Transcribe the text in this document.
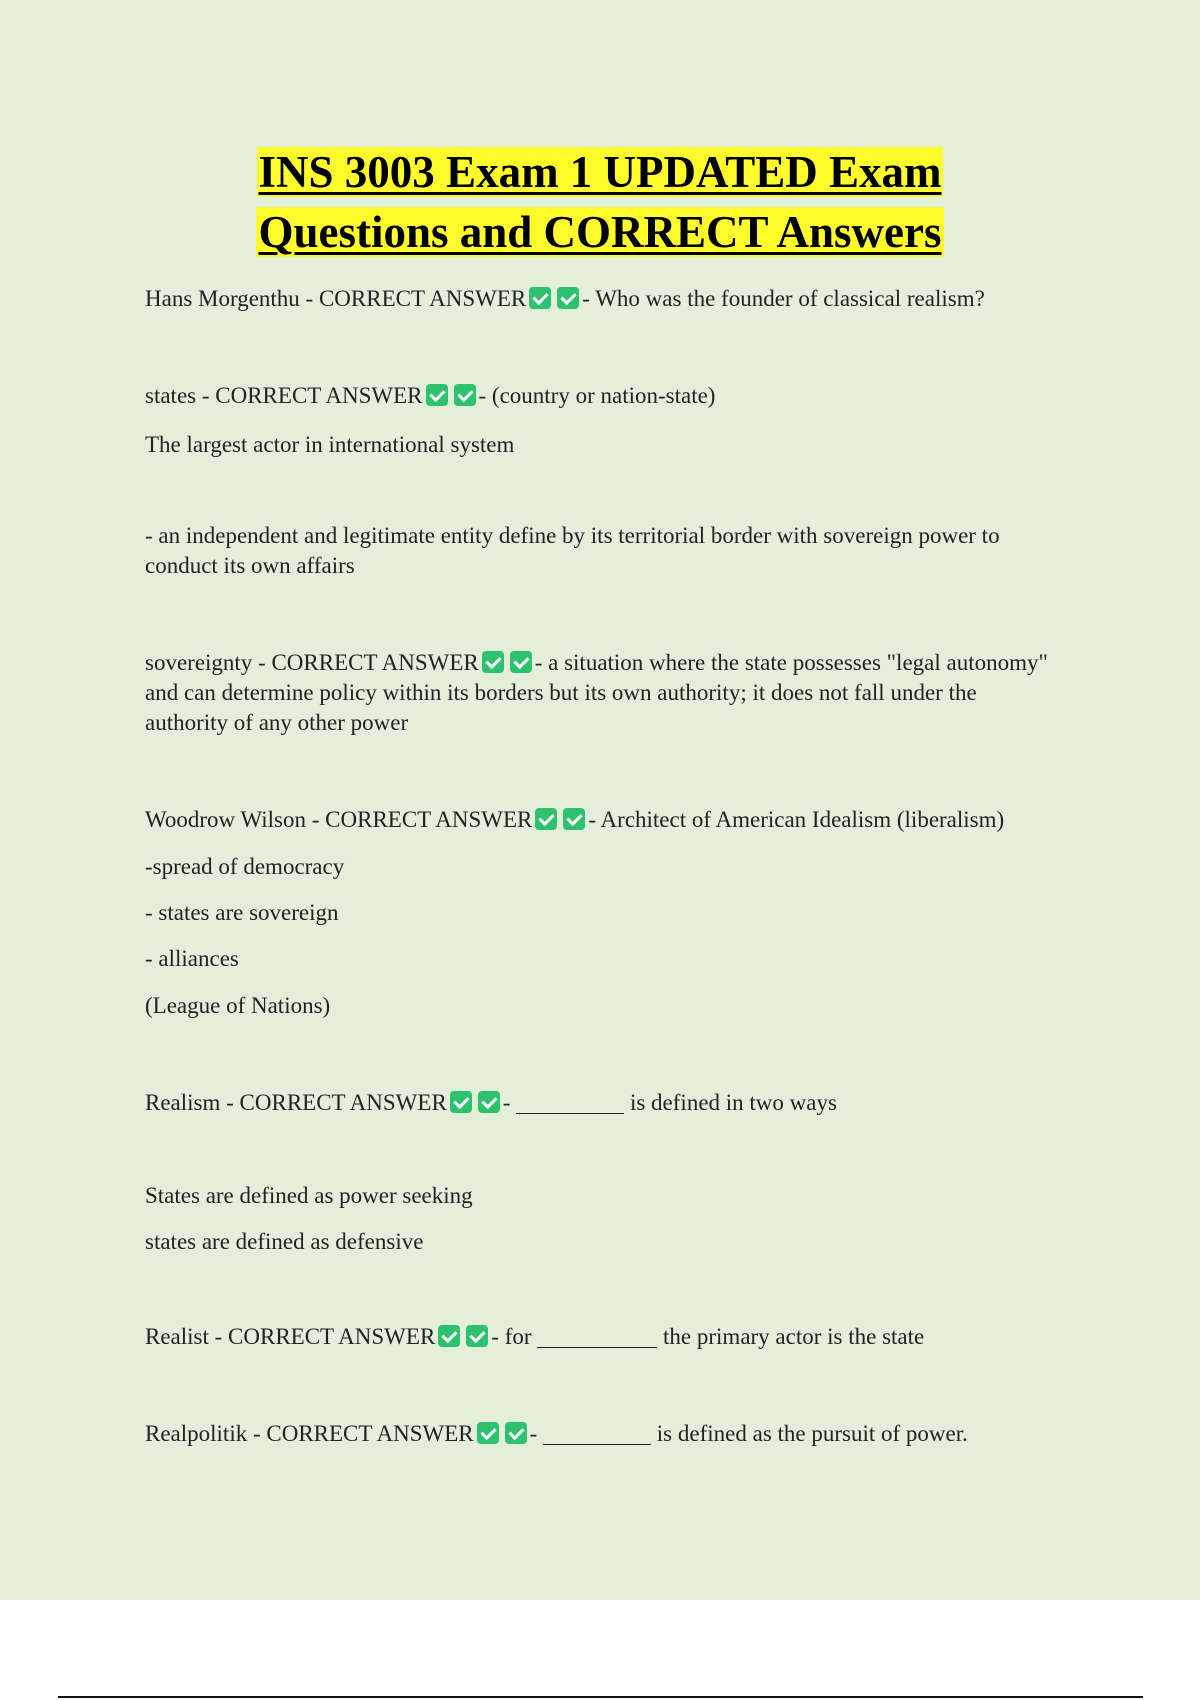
INS 3003 Exam 1 UPDATED Exam
Questions and CORRECT Answers
Hans Morgenthu - CORRECT ANSWER - Who was the founder of classical realism?
states - CORRECT ANSWER - (country or nation-state)
The largest actor in international system
- an independent and legitimate entity define by its territorial border with sovereign power to conduct its own affairs
sovereignty - CORRECT ANSWER - a situation where the state possesses "legal autonomy" and can determine policy within its borders but its own authority; it does not fall under the authority of any other power
Woodrow Wilson - CORRECT ANSWER - Architect of American Idealism (liberalism)
-spread of democracy
- states are sovereign
- alliances
(League of Nations)
Realism - CORRECT ANSWER -	is defined in two ways
States are defined as power seeking
states are defined as defensive
Realist - CORRECT ANSWER - for	the primary actor is the state
Realpolitik - CORRECT ANSWER -	is defined as the pursuit of power.
